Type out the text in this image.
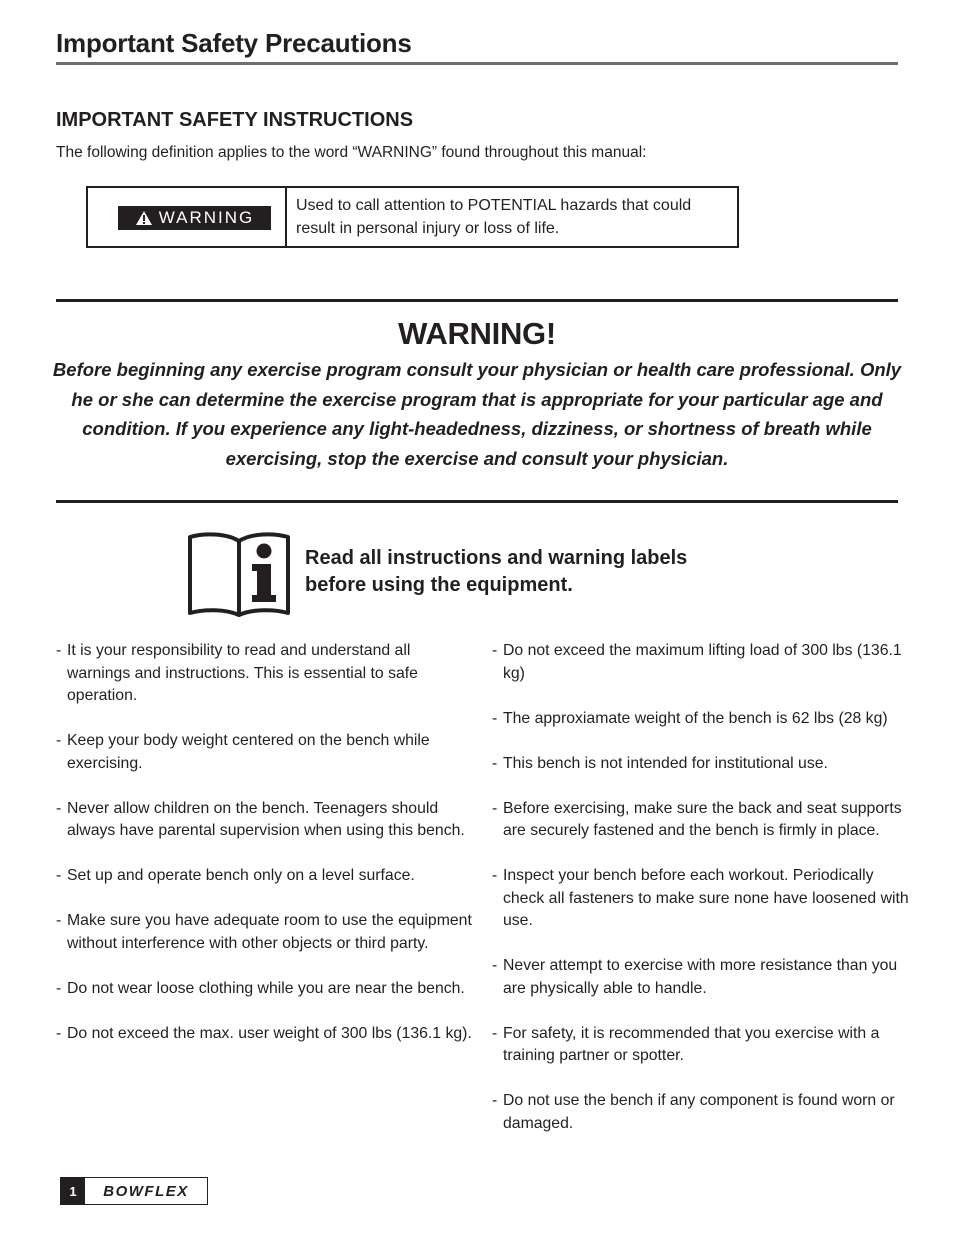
Important Safety Precautions
IMPORTANT SAFETY INSTRUCTIONS
The following definition applies to the word “WARNING” found throughout this manual:
WARNING
Used to call attention to POTENTIAL hazards that could result in personal injury or loss of life.
WARNING!
Before beginning any exercise program consult your physician or health care professional. Only he or she can determine the exercise program that is appropriate for your particular age and condition. If you experience any light-headedness, dizziness, or shortness of breath while exercising, stop the exercise and consult your physician.
Read all instructions and warning labels
before using the equipment.
- It is your responsibility to read and understand all warnings and instructions. This is essential to safe operation.
- Keep your body weight centered on the bench while exercising.
- Never allow children on the bench. Teenagers should always have parental supervision when using this bench.
- Set up and operate bench only on a level surface.
- Make sure you have adequate room to use the equipment without interference with other objects or third party.
- Do not wear loose clothing while you are near the bench.
- Do not exceed the max. user weight of 300 lbs (136.1 kg).
- Do not exceed the maximum lifting load of 300 lbs (136.1 kg)
- The approxiamate weight of the bench is 62 lbs (28 kg)
- This bench is not intended for institutional use.
- Before exercising, make sure the back and seat supports are securely fastened and the bench is firmly in place.
- Inspect your bench before each workout. Periodically check all fasteners to make sure none have loosened with use.
- Never attempt to exercise with more resistance than you are physically able to handle.
- For safety, it is recommended that you exercise with a training partner or spotter.
- Do not use the bench if any component is found worn or damaged.
1	BOWFLEX
